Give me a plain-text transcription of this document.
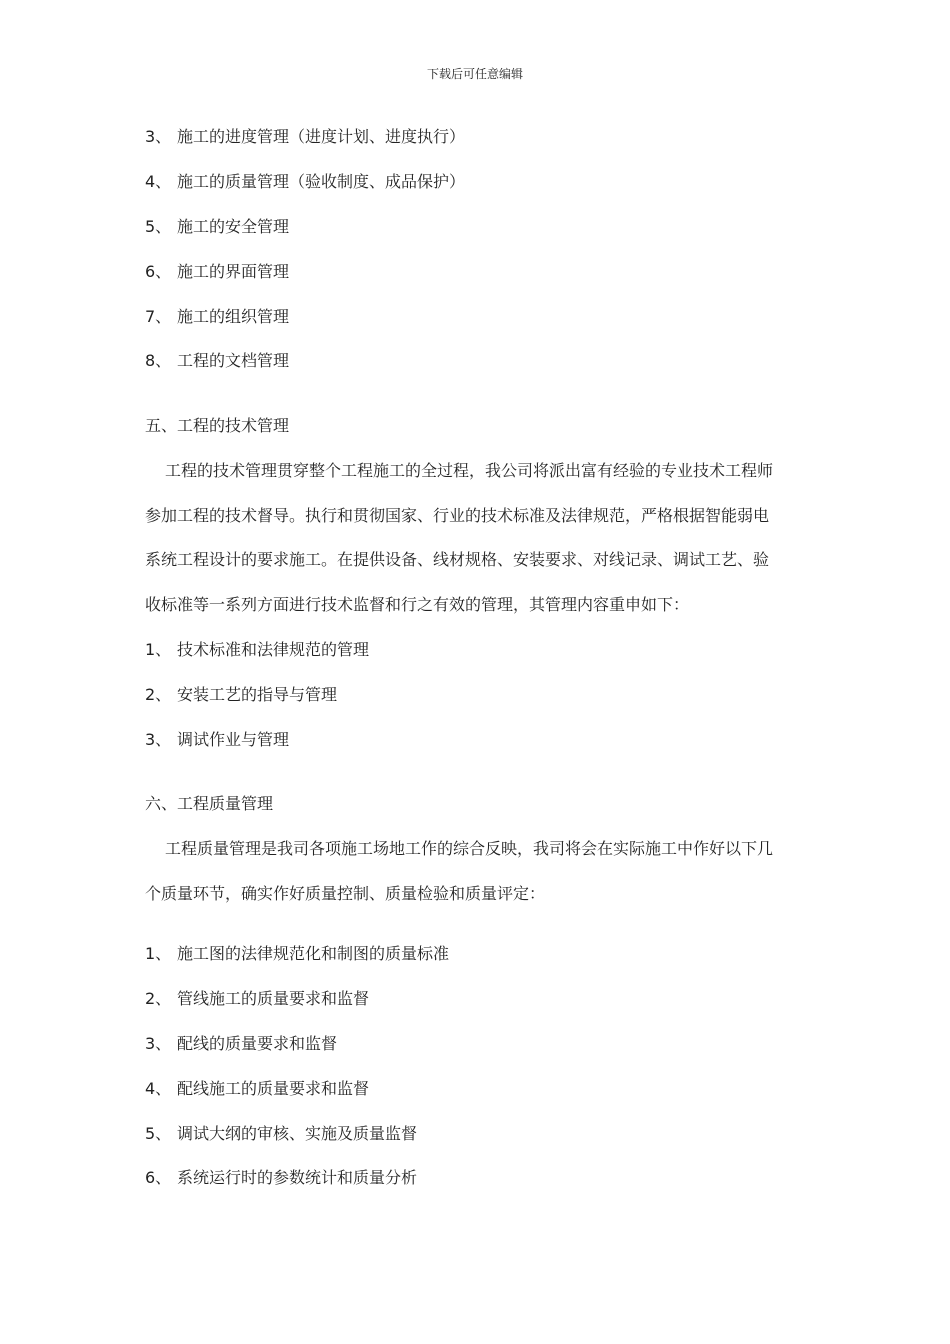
下载后可任意编辑
3、 施工的进度管理（进度计划、进度执行）
4、 施工的质量管理（验收制度、成品保护）
5、 施工的安全管理
6、 施工的界面管理
7、 施工的组织管理
8、 工程的文档管理
五、工程的技术管理
工程的技术管理贯穿整个工程施工的全过程，我公司将派出富有经验的专业技术工程师
参加工程的技术督导。执行和贯彻国家、行业的技术标准及法律规范，严格根据智能弱电
系统工程设计的要求施工。在提供设备、线材规格、安装要求、对线记录、调试工艺、验
收标准等一系列方面进行技术监督和行之有效的管理，其管理内容重申如下：
1、 技术标准和法律规范的管理
2、 安装工艺的指导与管理
3、 调试作业与管理
六、工程质量管理
工程质量管理是我司各项施工场地工作的综合反映，我司将会在实际施工中作好以下几
个质量环节，确实作好质量控制、质量检验和质量评定：
1、 施工图的法律规范化和制图的质量标准
2、 管线施工的质量要求和监督
3、 配线的质量要求和监督
4、 配线施工的质量要求和监督
5、 调试大纲的审核、实施及质量监督
6、 系统运行时的参数统计和质量分析
